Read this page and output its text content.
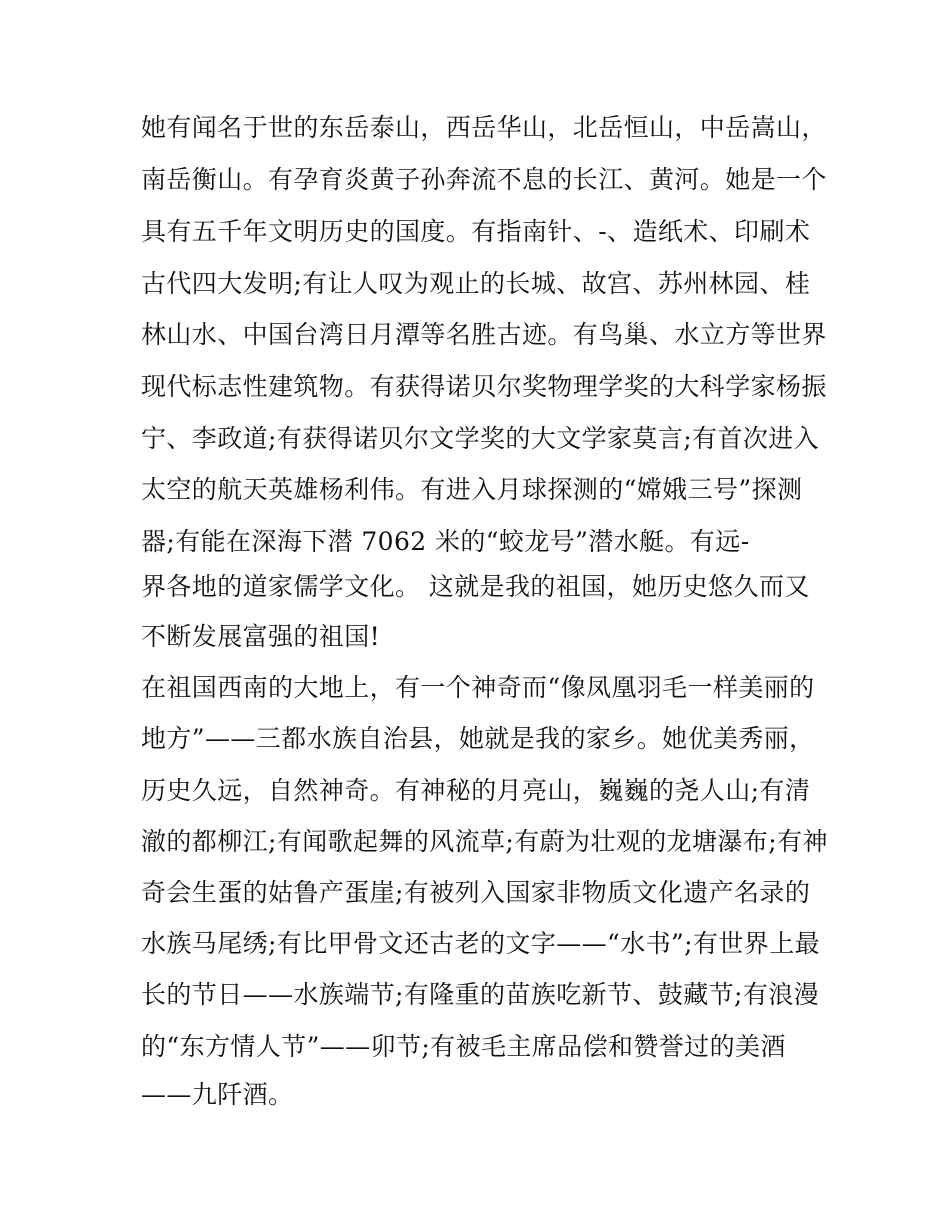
她有闻名于世的东岳泰山，西岳华山，北岳恒山，中岳嵩山，
南岳衡山。有孕育炎黄子孙奔流不息的长江、黄河。她是一个
具有五千年文明历史的国度。有指南针、-、造纸术、印刷术
古代四大发明;有让人叹为观止的长城、故宫、苏州林园、桂
林山水、中国台湾日月潭等名胜古迹。有鸟巢、水立方等世界
现代标志性建筑物。有获得诺贝尔奖物理学奖的大科学家杨振
宁、李政道;有获得诺贝尔文学奖的大文学家莫言;有首次进入
太空的航天英雄杨利伟。有进入月球探测的“嫦娥三号”探测
器;有能在深海下潜 7062 米的“蛟龙号”潜水艇。有远-
界各地的道家儒学文化。 这就是我的祖国，她历史悠久而又
不断发展富强的祖国!
在祖国西南的大地上，有一个神奇而“像凤凰羽毛一样美丽的
地方”——三都水族自治县，她就是我的家乡。她优美秀丽，
历史久远，自然神奇。有神秘的月亮山，巍巍的尧人山;有清
澈的都柳江;有闻歌起舞的风流草;有蔚为壮观的龙塘瀑布;有神
奇会生蛋的姑鲁产蛋崖;有被列入国家非物质文化遗产名录的
水族马尾绣;有比甲骨文还古老的文字——“水书”;有世界上最
长的节日——水族端节;有隆重的苗族吃新节、鼓藏节;有浪漫
的“东方情人节”——卯节;有被毛主席品偿和赞誉过的美酒
——九阡酒。
